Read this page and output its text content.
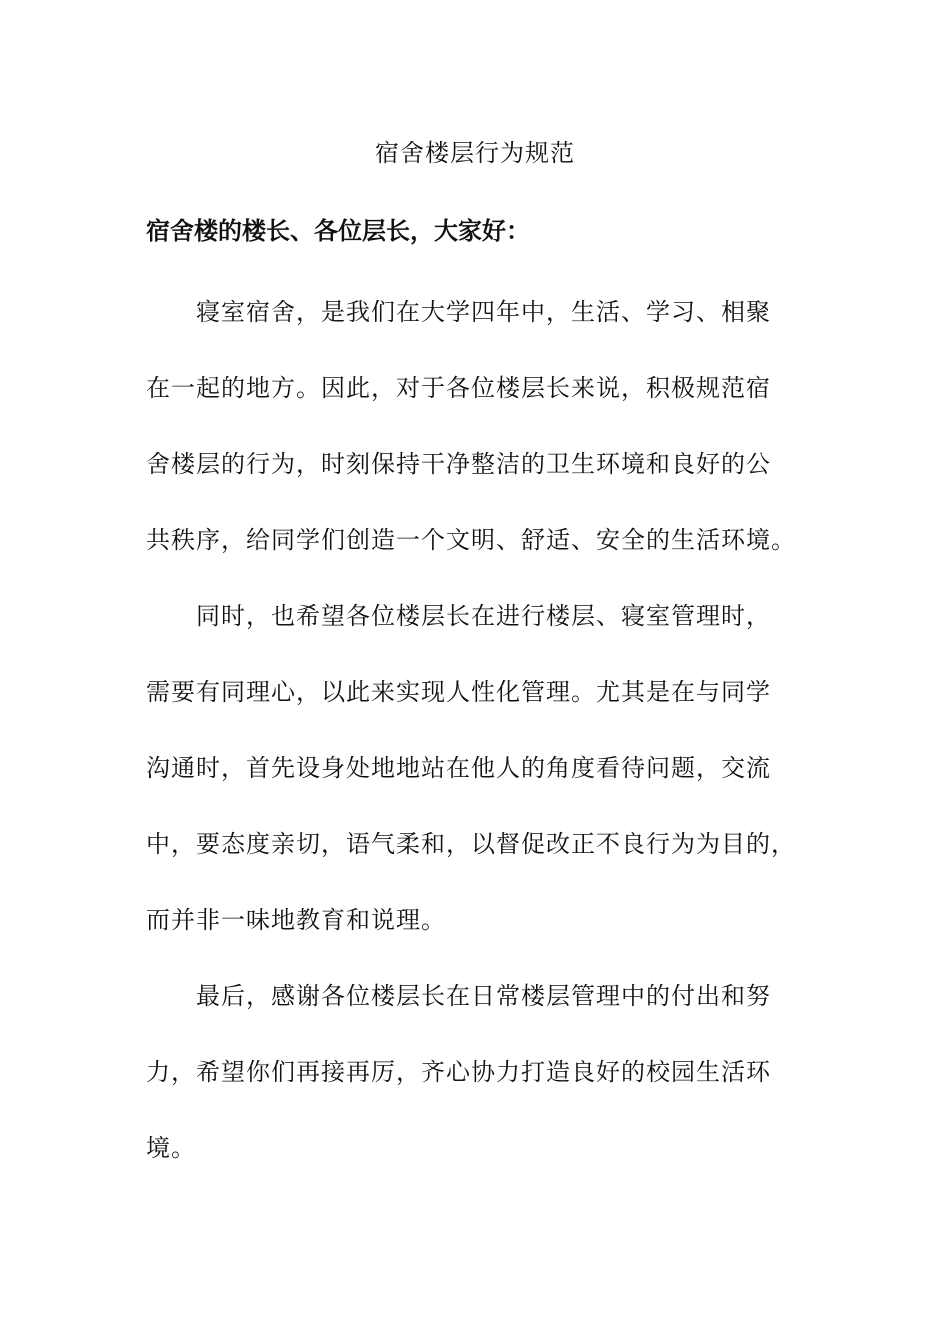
宿舍楼层行为规范

宿舍楼的楼长、各位层长，大家好：

寝室宿舍，是我们在大学四年中，生活、学习、相聚
在一起的地方。因此，对于各位楼层长来说，积极规范宿
舍楼层的行为，时刻保持干净整洁的卫生环境和良好的公
共秩序，给同学们创造一个文明、舒适、安全的生活环境。
同时，也希望各位楼层长在进行楼层、寝室管理时，
需要有同理心，以此来实现人性化管理。尤其是在与同学
沟通时，首先设身处地地站在他人的角度看待问题，交流
中，要态度亲切，语气柔和，以督促改正不良行为为目的，
而并非一味地教育和说理。
最后，感谢各位楼层长在日常楼层管理中的付出和努
力，希望你们再接再厉，齐心协力打造良好的校园生活环
境。
